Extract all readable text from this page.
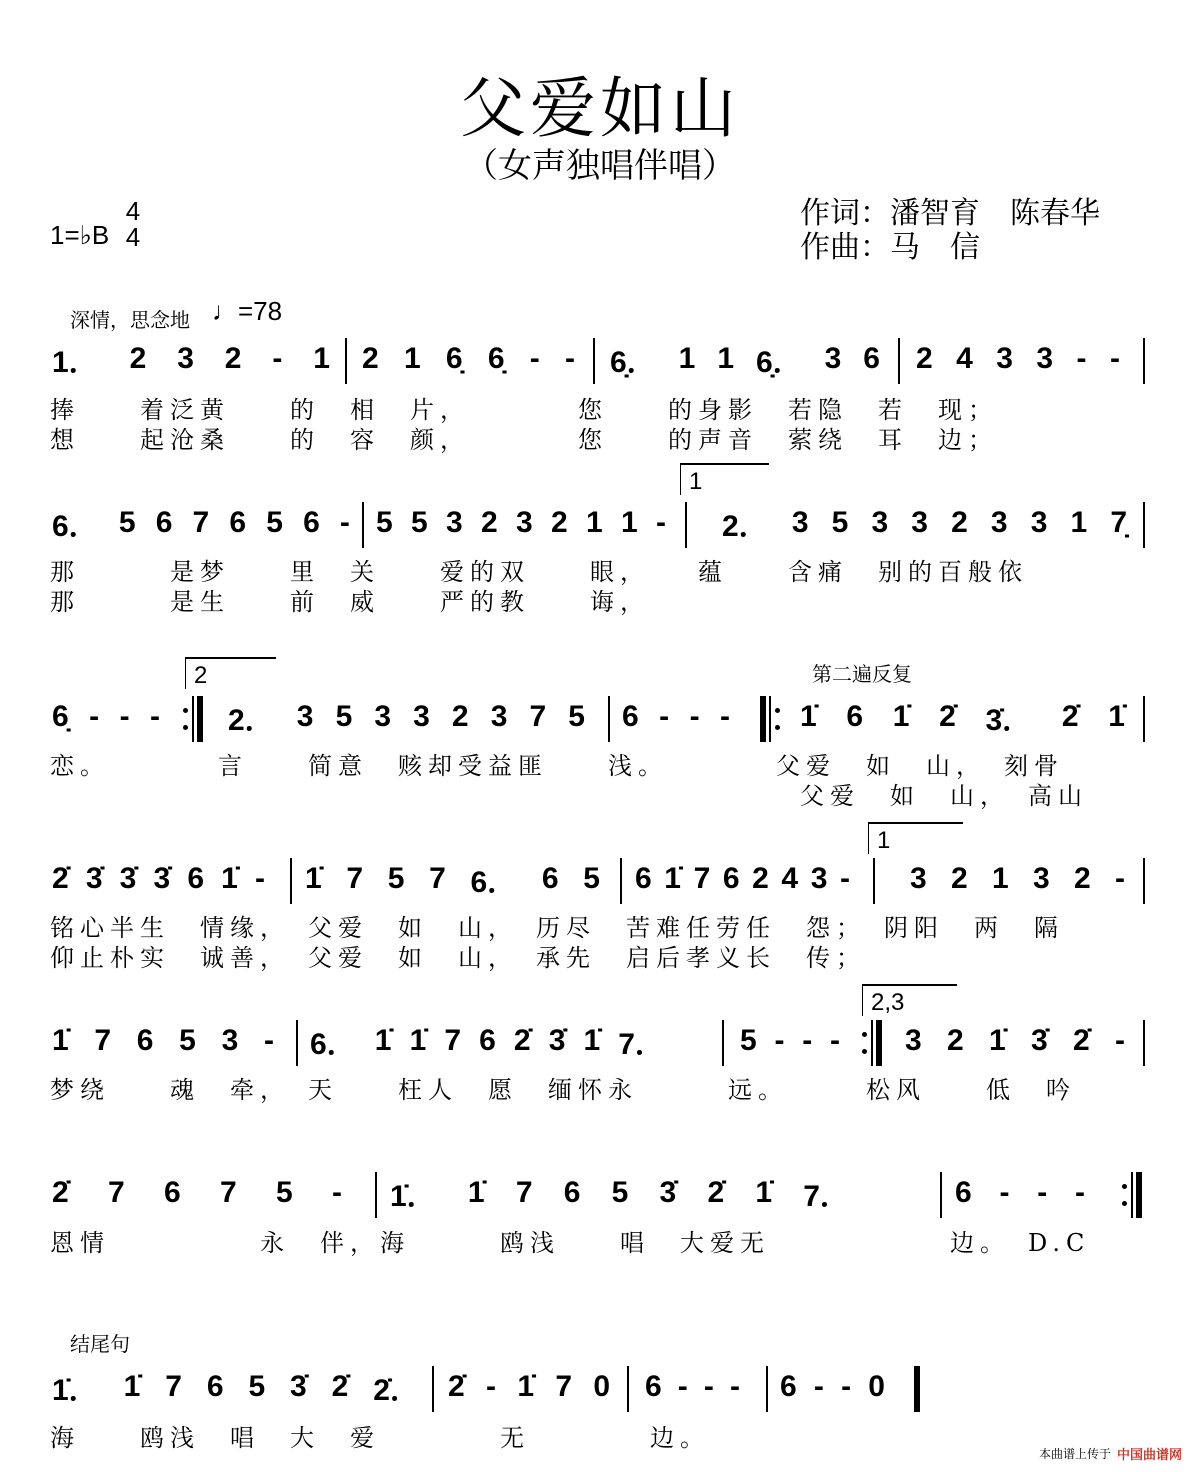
父爱如山
（女声独唱伴唱）
1=♭B
4
4
作词：潘智育　陈春华
作曲：马　信
深情，思念地 ♩=78
1． 2 3 2 - 1 2 1 6̣ 6̣ - - 6̣． 1 1 6̣． 3 6 2 4 3 3 - -
捧　　着泛黄　　的　相　片，　　　　您　　的身影　若隐　若　现；
想　　起沧桑　　的　容　颜，　　　　您　　的声音　萦绕　耳　边；
1
6． 5 6 7 6 5 6 - 5 5 3 2 3 2 1 1 - 2． 3 5 3 3 2 3 3 1 7̣
那　　　是梦　　里　关　　爱的双　　眼，　　蕴　　含痛　别的百般依
那　　　是生　　前　威　　严的教　　诲，
2	第二遍反复
6̣ - - - 2． 3 5 3 3 2 3 7 5 6 - - - 1̇ 6 1̇ 2̇ 3̇． 2̇ 1̇
恋。　　　　言　　简意　赅却受益匪　　浅。　　　　父爱　如　山，　刻骨
　　　　　　　　　　　　　　　　　　　　　　　　　父爱　如　山，　高山
1
2̇ 3̇ 3̇ 3̇ 6 1̇ - 1̇ 7 5 7 6． 6 5 6 1̇ 7 6 2 4 3 - 3 2 1 3 2 -
铭心半生　情缘，　父爱　如　山，　历尽　苦难任劳任　怨；　阴阳　两　隔
仰止朴实　诚善，　父爱　如　山，　承先　启后孝义长　传；
2,3
1̇ 7 6 5 3 - 6． 1̇ 1̇ 7 6 2̇ 3̇ 1̇ 7．	5 - - - 3 2 1̇ 3̇ 2̇ -
梦绕　　魂　牵，　天　　枉人　愿　缅怀永　　　远。　　　松风　　低　吟
2̇ 7 6 7 5 - 1̇． 1̇ 7 6 5 3̇ 2̇ 1̇ 7．	6 - - -
恩情　　　　　永　伴，海　　　鸥浅　　唱　大爱无　　　　　　边。　D.C
结尾句
1̇． 1̇ 7 6 5 3̇ 2̇ 2̇． 2̇ - 1̇ 7 0 6 - - - 6 - - 0
海　　鸥浅　唱　大　爱　　　　无　　　　边。
本曲谱上传于 中国曲谱网
